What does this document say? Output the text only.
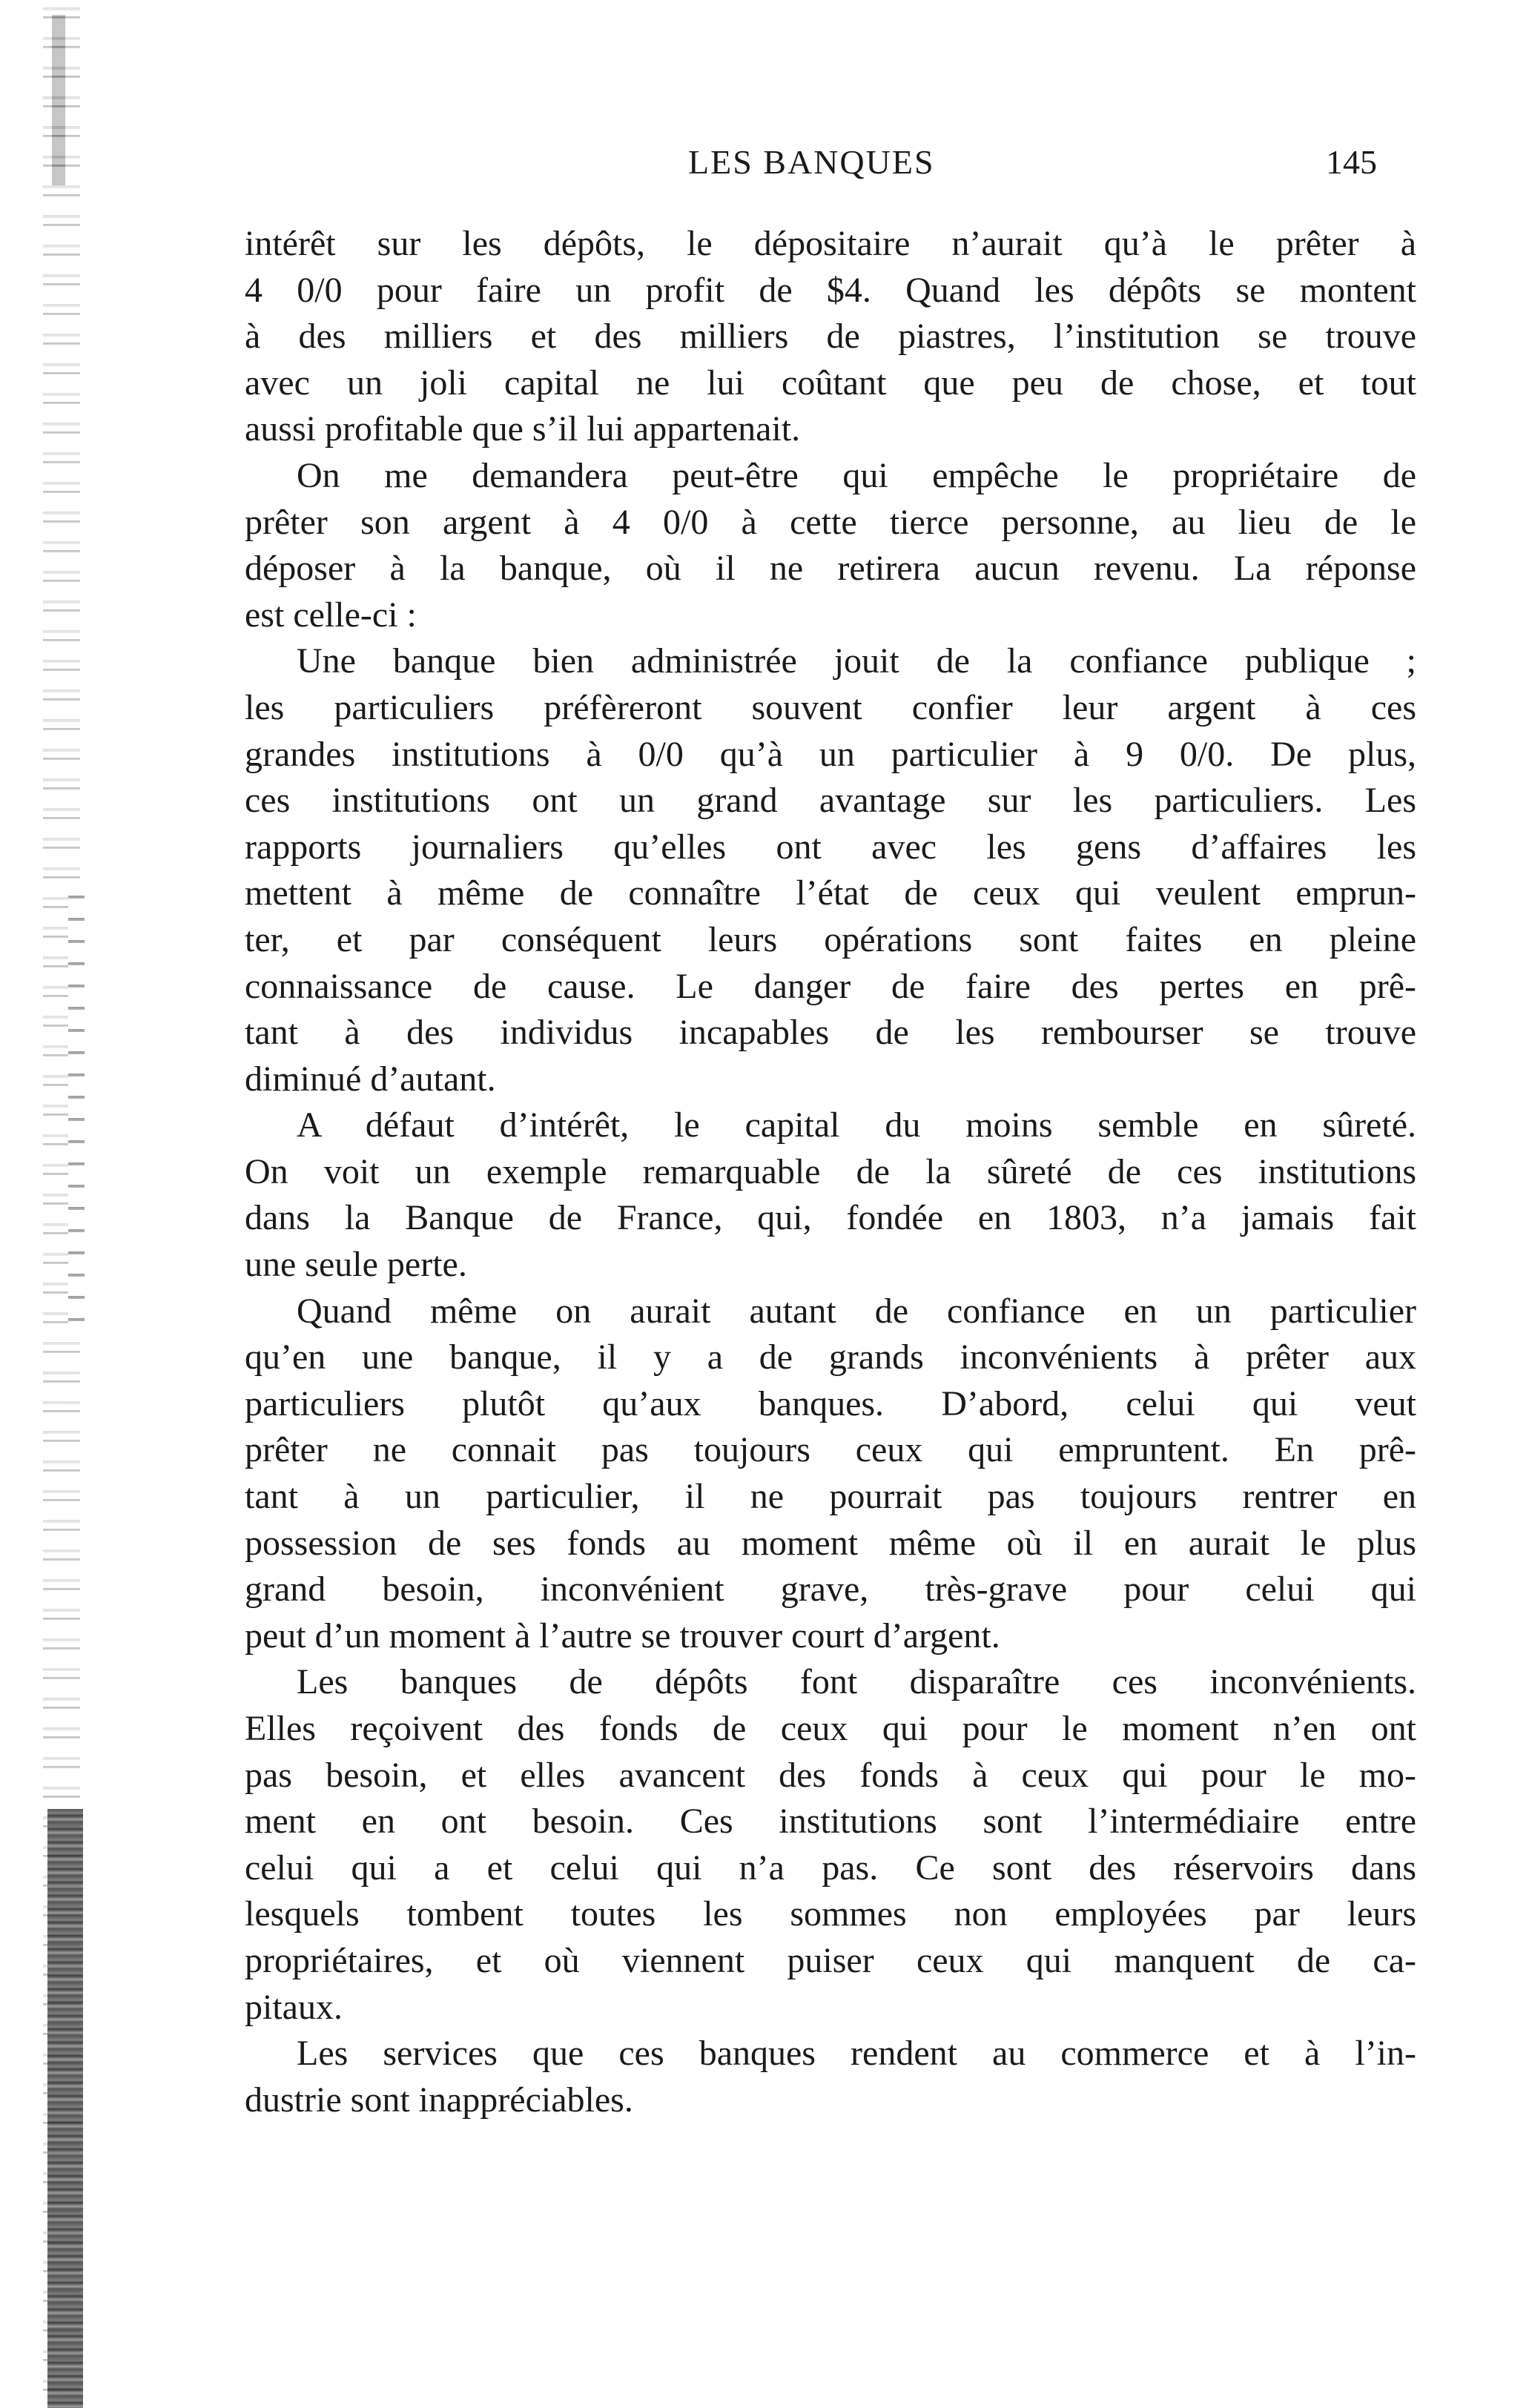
LES BANQUES	145
intérêt sur les dépôts, le dépositaire n’aurait qu’à le prêter à
4 0/0 pour faire un profit de $4. Quand les dépôts se montent
à des milliers et des milliers de piastres, l’institution se trouve
avec un joli capital ne lui coûtant que peu de chose, et tout
aussi profitable que s’il lui appartenait.
On me demandera peut-être qui empêche le propriétaire de
prêter son argent à 4 0/0 à cette tierce personne, au lieu de le
déposer à la banque, où il ne retirera aucun revenu. La réponse
est celle-ci :
Une banque bien administrée jouit de la confiance publique ;
les particuliers préfèreront souvent confier leur argent à ces
grandes institutions à 0/0 qu’à un particulier à 9 0/0. De plus,
ces institutions ont un grand avantage sur les particuliers. Les
rapports journaliers qu’elles ont avec les gens d’affaires les
mettent à même de connaître l’état de ceux qui veulent emprun-
ter, et par conséquent leurs opérations sont faites en pleine
connaissance de cause. Le danger de faire des pertes en prê-
tant à des individus incapables de les rembourser se trouve
diminué d’autant.
A défaut d’intérêt, le capital du moins semble en sûreté.
On voit un exemple remarquable de la sûreté de ces institutions
dans la Banque de France, qui, fondée en 1803, n’a jamais fait
une seule perte.
Quand même on aurait autant de confiance en un particulier
qu’en une banque, il y a de grands inconvénients à prêter aux
particuliers plutôt qu’aux banques. D’abord, celui qui veut
prêter ne connait pas toujours ceux qui empruntent. En prê-
tant à un particulier, il ne pourrait pas toujours rentrer en
possession de ses fonds au moment même où il en aurait le plus
grand besoin, inconvénient grave, très-grave pour celui qui
peut d’un moment à l’autre se trouver court d’argent.
Les banques de dépôts font disparaître ces inconvénients.
Elles reçoivent des fonds de ceux qui pour le moment n’en ont
pas besoin, et elles avancent des fonds à ceux qui pour le mo-
ment en ont besoin. Ces institutions sont l’intermédiaire entre
celui qui a et celui qui n’a pas. Ce sont des réservoirs dans
lesquels tombent toutes les sommes non employées par leurs
propriétaires, et où viennent puiser ceux qui manquent de ca-
pitaux.
Les services que ces banques rendent au commerce et à l’in-
dustrie sont inappréciables.
